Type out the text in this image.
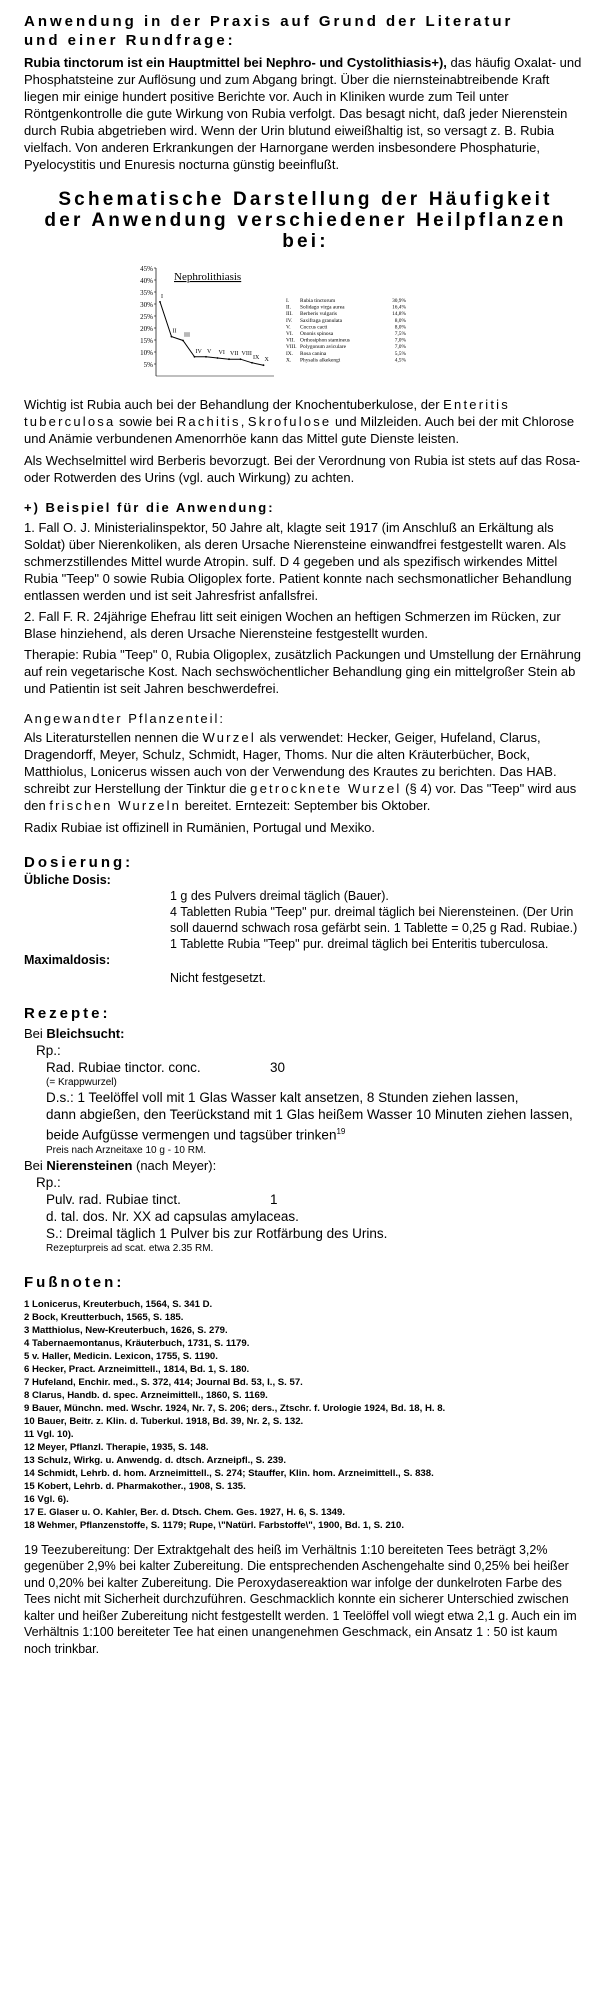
Anwendung in der Praxis auf Grund der Literatur

und einer Rundfrage:

Rubia tinctorum ist ein Hauptmittel bei Nephro- und Cystolithiasis+), das häufig Oxalat- und Phosphatsteine zur Auflösung und zum Abgang bringt. Über die niernsteinabtreibende Kraft liegen mir einige hundert positive Berichte vor. Auch in Kliniken wurde zum Teil unter Röntgenkontrolle die gute Wirkung von Rubia verfolgt. Das besagt nicht, daß jeder Nierenstein durch Rubia abgetrieben wird. Wenn der Urin blutund eiweißhaltig ist, so versagt z. B. Rubia vielfach. Von anderen Erkrankungen der Harnorgane werden insbesondere Phosphaturie, Pyelocystitis und Enuresis nocturna günstig beeinflußt.

Schematische Darstellung der Häufigkeit

der Anwendung verschiedener Heilpflanzen

bei:

45%
40%
35%
30%
25%
20%
15%
10%
5%
Nephrolithiasis
I
II
III
IV V VI VII VIII
IX X
I. Rubia tinctorum	30,9%
II. Solidago virga aurea	16,4%
III. Berberis vulgaris	14,8%
IV. Saxifraga granulata	8,0%
V. Coccus cacti	8,0%
VI. Ononis spinosa	7,5%
VII. Orthosiphon stamineus	7,0%
VIII. Polygonum aviculare	7,0%
IX. Rosa canina	5,5%
X. Physalis alkekengi	4,5%

Wichtig ist Rubia auch bei der Behandlung der Knochentuberkulose, der Enteritis tuberculosa sowie bei Rachitis, Skrofulose und Milzleiden. Auch bei der mit Chlorose und Anämie verbundenen Amenorrhöe kann das Mittel gute Dienste leisten.

Als Wechselmittel wird Berberis bevorzugt. Bei der Verordnung von Rubia ist stets auf das Rosa- oder Rotwerden des Urins (vgl. auch Wirkung) zu achten.

+) Beispiel für die Anwendung:

1. Fall O. J. Ministerialinspektor, 50 Jahre alt, klagte seit 1917 (im Anschluß an Erkältung als Soldat) über Nierenkoliken, als deren Ursache Nierensteine einwandfrei festgestellt waren. Als schmerzstillendes Mittel wurde Atropin. sulf. D 4 gegeben und als spezifisch wirkendes Mittel Rubia "Teep" 0 sowie Rubia Oligoplex forte. Patient konnte nach sechsmonatlicher Behandlung entlassen werden und ist seit Jahresfrist anfallsfrei.

2. Fall F. R. 24jährige Ehefrau litt seit einigen Wochen an heftigen Schmerzen im Rücken, zur Blase hinziehend, als deren Ursache Nierensteine festgestellt wurden.

Therapie: Rubia "Teep" 0, Rubia Oligoplex, zusätzlich Packungen und Umstellung der Ernährung auf rein vegetarische Kost. Nach sechswöchentlicher Behandlung ging ein mittelgroßer Stein ab und Patientin ist seit Jahren beschwerdefrei.

Angewandter Pflanzenteil:

Als Literaturstellen nennen die Wurzel als verwendet: Hecker, Geiger, Hufeland, Clarus, Dragendorff, Meyer, Schulz, Schmidt, Hager, Thoms. Nur die alten Kräuterbücher, Bock, Matthiolus, Lonicerus wissen auch von der Verwendung des Krautes zu berichten. Das HAB. schreibt zur Herstellung der Tinktur die getrocknete Wurzel (§ 4) vor. Das "Teep" wird aus den frischen Wurzeln bereitet. Erntezeit: September bis Oktober.

Radix Rubiae ist offizinell in Rumänien, Portugal und Mexiko.

Dosierung:

Übliche Dosis:

1 g des Pulvers dreimal täglich (Bauer).

4 Tabletten Rubia "Teep" pur. dreimal täglich bei Nierensteinen. (Der Urin soll dauernd schwach rosa gefärbt sein. 1 Tablette = 0,25 g Rad. Rubiae.)

1 Tablette Rubia "Teep" pur. dreimal täglich bei Enteritis tuberculosa.

Maximaldosis:

Nicht festgesetzt.

Rezepte:

Bei Bleichsucht:

Rp.:

Rad. Rubiae tinctor. conc.	30

(= Krappwurzel)

D.s.: 1 Teelöffel voll mit 1 Glas Wasser kalt ansetzen, 8 Stunden ziehen lassen,

dann abgießen, den Teerückstand mit 1 Glas heißem Wasser 10 Minuten ziehen lassen,

beide Aufgüsse vermengen und tagsüber trinken$^{19}$

Preis nach Arzneitaxe 10 g - 10 RM.

Bei Nierensteinen (nach Meyer):

Rp.:

Pulv. rad. Rubiae tinct.	1

d. tal. dos. Nr. XX ad capsulas amylaceas.

S.: Dreimal täglich 1 Pulver bis zur Rotfärbung des Urins.

Rezepturpreis ad scat. etwa 2.35 RM.

Fußnoten:

1 Lonicerus, Kreuterbuch, 1564, S. 341 D.

2 Bock, Kreutterbuch, 1565, S. 185.

3 Matthiolus, New-Kreuterbuch, 1626, S. 279.

4 Tabernaemontanus, Kräuterbuch, 1731, S. 1179.

5 v. Haller, Medicin. Lexicon, 1755, S. 1190.

6 Hecker, Pract. Arzneimittell., 1814, Bd. 1, S. 180.

7 Hufeland, Enchir. med., S. 372, 414; Journal Bd. 53, I., S. 57.

8 Clarus, Handb. d. spec. Arzneimittell., 1860, S. 1169.

9 Bauer, Münchn. med. Wschr. 1924, Nr. 7, S. 206; ders., Ztschr. f. Urologie 1924, Bd. 18, H. 8.

10 Bauer, Beitr. z. Klin. d. Tuberkul. 1918, Bd. 39, Nr. 2, S. 132.

11 Vgl. 10).

12 Meyer, Pflanzl. Therapie, 1935, S. 148.

13 Schulz, Wirkg. u. Anwendg. d. dtsch. Arzneipfl., S. 239.

14 Schmidt, Lehrb. d. hom. Arzneimittell., S. 274; Stauffer, Klin. hom. Arzneimittell., S. 838.

15 Kobert, Lehrb. d. Pharmakother., 1908, S. 135.

16 Vgl. 6).

17 E. Glaser u. O. Kahler, Ber. d. Dtsch. Chem. Ges. 1927, H. 6, S. 1349.

18 Wehmer, Pflanzenstoffe, S. 1179; Rupe, \"Natürl. Farbstoffe\", 1900, Bd. 1, S. 210.

19 Teezubereitung: Der Extraktgehalt des heiß im Verhältnis 1:10 bereiteten Tees beträgt 3,2% gegenüber 2,9% bei kalter Zubereitung. Die entsprechenden Aschengehalte sind 0,25% bei heißer und 0,20% bei kalter Zubereitung. Die Peroxydasereaktion war infolge der dunkelroten Farbe des Tees nicht mit Sicherheit durchzuführen. Geschmacklich konnte ein sicherer Unterschied zwischen kalter und heißer Zubereitung nicht festgestellt werden. 1 Teelöffel voll wiegt etwa 2,1 g. Auch ein im Verhältnis 1:100 bereiteter Tee hat einen unangenehmen Geschmack, ein Ansatz 1 : 50 ist kaum noch trinkbar.
